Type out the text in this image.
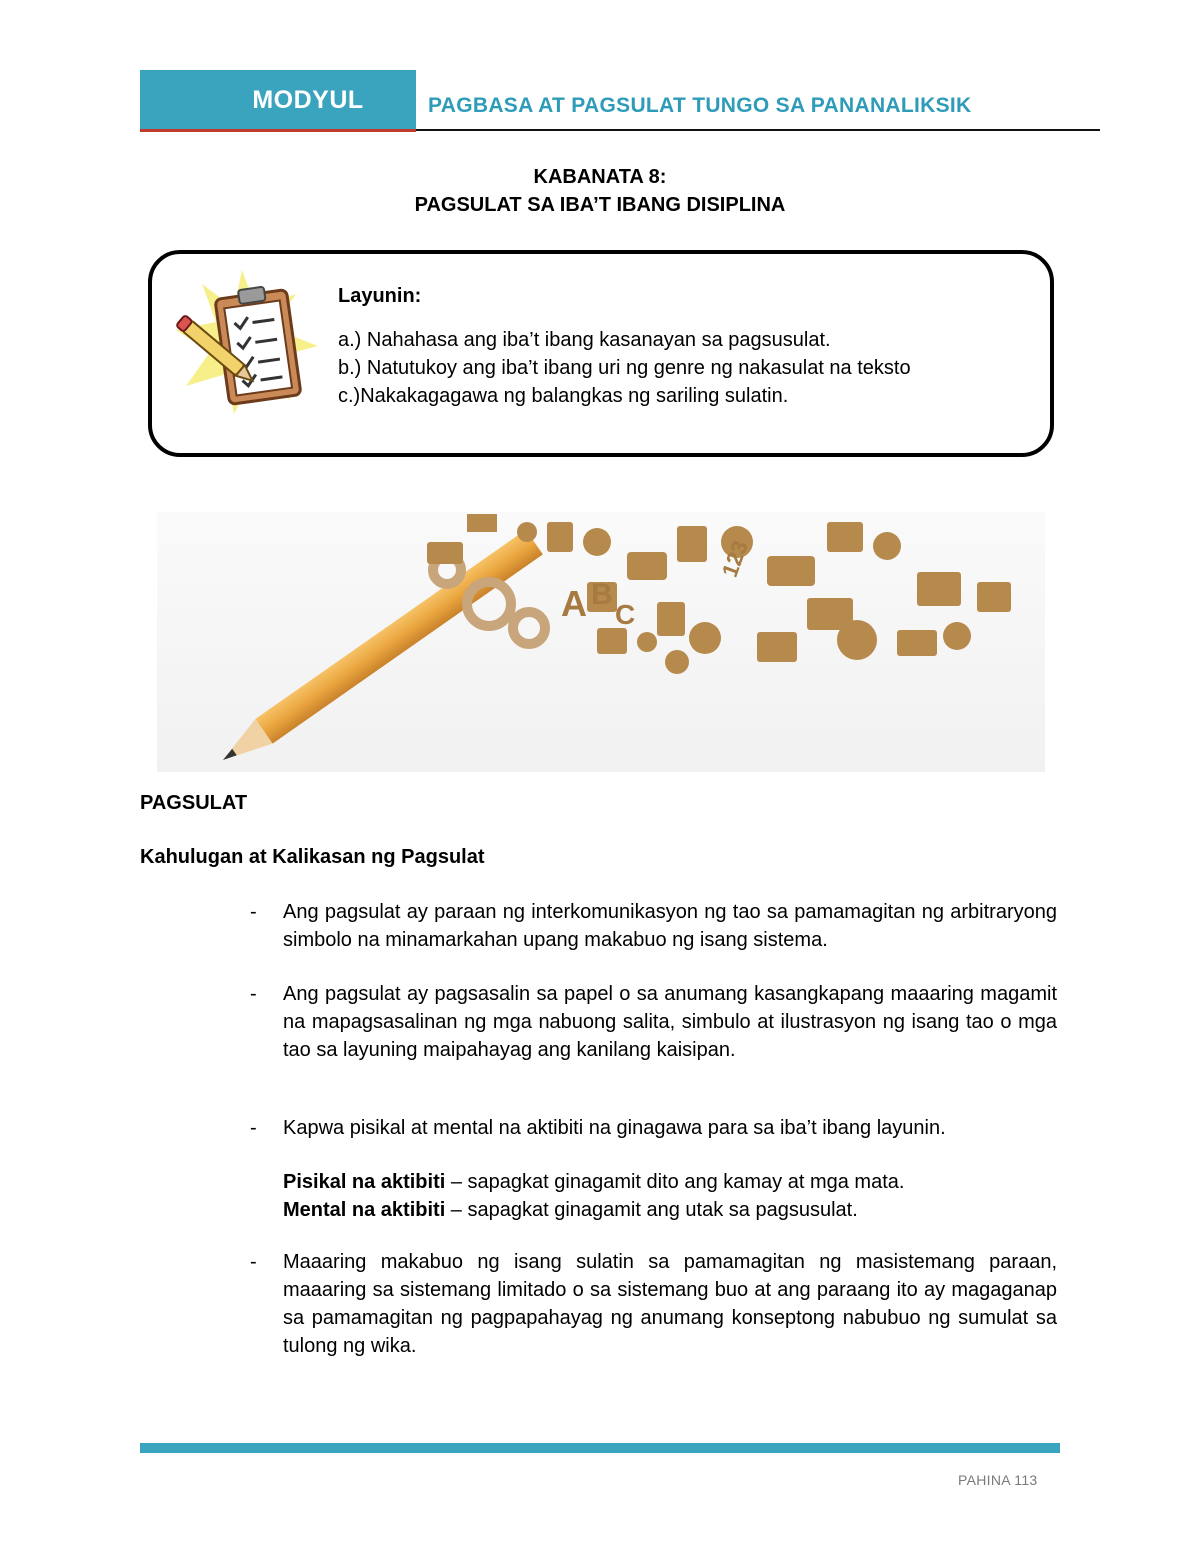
MODYUL	PAGBASA AT PAGSULAT TUNGO SA PANANALIKSIK
KABANATA 8:
PAGSULAT SA IBA’T IBANG DISIPLINA
Layunin:
a.) Nahahasa ang iba’t ibang kasanayan sa pagsusulat.
b.) Natutukoy ang iba’t ibang uri ng genre ng nakasulat na teksto
c.)Nakakagagawa ng balangkas ng sariling sulatin.
A B
C
123
PAGSULAT
Kahulugan at Kalikasan ng Pagsulat
- Ang pagsulat ay paraan ng interkomunikasyon ng tao sa pamamagitan ng arbitraryong simbolo na minamarkahan upang makabuo ng isang sistema.
- Ang pagsulat ay pagsasalin sa papel o sa anumang kasangkapang maaaring magamit na mapagsasalinan ng mga nabuong salita, simbulo at ilustrasyon ng isang tao o mga tao sa layuning maipahayag ang kanilang kaisipan.
- Kapwa pisikal at mental na aktibiti na ginagawa para sa iba’t ibang layunin.
Pisikal na aktibiti – sapagkat ginagamit dito ang kamay at mga mata.
Mental na aktibiti – sapagkat ginagamit ang utak sa pagsusulat.
- Maaaring makabuo ng isang sulatin sa pamamagitan ng masistemang paraan, maaaring sa sistemang limitado o sa sistemang buo at ang paraang ito ay magaganap sa pamamagitan ng pagpapahayag ng anumang konseptong nabubuo ng sumulat sa tulong ng wika.
PAHINA 113
